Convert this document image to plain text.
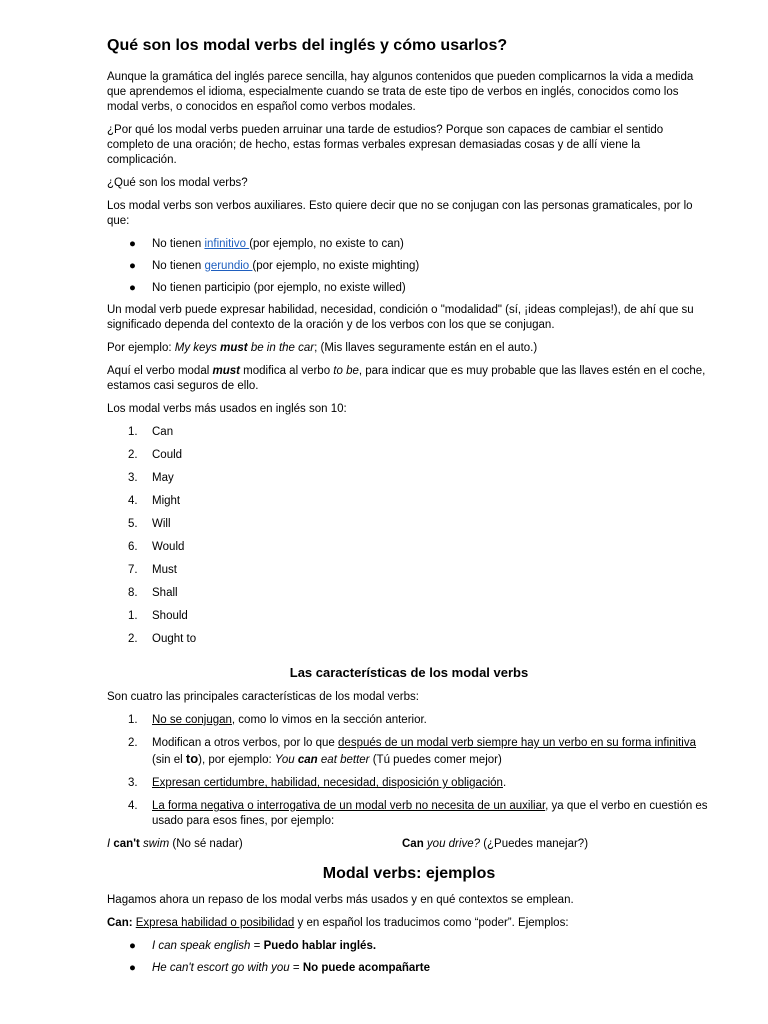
Qué son los modal verbs del inglés y cómo usarlos?

Aunque la gramática del inglés parece sencilla, hay algunos contenidos que pueden complicarnos la vida a medida que aprendemos el idioma, especialmente cuando se trata de este tipo de verbos en inglés, conocidos como los modal verbs, o conocidos en español como verbos modales.

¿Por qué los modal verbs pueden arruinar una tarde de estudios? Porque son capaces de cambiar el sentido completo de una oración; de hecho, estas formas verbales expresan demasiadas cosas y de allí viene la complicación.

¿Qué son los modal verbs?

Los modal verbs son verbos auxiliares. Esto quiere decir que no se conjugan con las personas gramaticales, por lo que:

● No tienen infinitivo (por ejemplo, no existe to can)
● No tienen gerundio (por ejemplo, no existe mighting)
● No tienen participio (por ejemplo, no existe willed)

Un modal verb puede expresar habilidad, necesidad, condición o "modalidad" (sí, ¡ideas complejas!), de ahí que su significado dependa del contexto de la oración y de los verbos con los que se conjugan.

Por ejemplo: My keys must be in the car; (Mis llaves seguramente están en el auto.)

Aquí el verbo modal must modifica al verbo to be, para indicar que es muy probable que las llaves estén en el coche, estamos casi seguros de ello.

Los modal verbs más usados en inglés son 10:

1. Can
2. Could
3. May
4. Might
5. Will
6. Would
7. Must
8. Shall
1. Should
2. Ought to
Las características de los modal verbs

Son cuatro las principales características de los modal verbs:

1. No se conjugan, como lo vimos en la sección anterior.
2. Modifican a otros verbos, por lo que después de un modal verb siempre hay un verbo en su forma infinitiva (sin el to), por ejemplo: You can eat better (Tú puedes comer mejor)
3. Expresan certidumbre, habilidad, necesidad, disposición y obligación.
4. La forma negativa o interrogativa de un modal verb no necesita de un auxiliar, ya que el verbo en cuestión es usado para esos fines, por ejemplo:
I can't swim (No sé nadar)	Can you drive? (¿Puedes manejar?)
Modal verbs: ejemplos

Hagamos ahora un repaso de los modal verbs más usados y en qué contextos se emplean.

Can: Expresa habilidad o posibilidad y en español los traducimos como “poder”. Ejemplos:

● I can speak english = Puedo hablar inglés.
● He can't escort go with you = No puede acompañarte
